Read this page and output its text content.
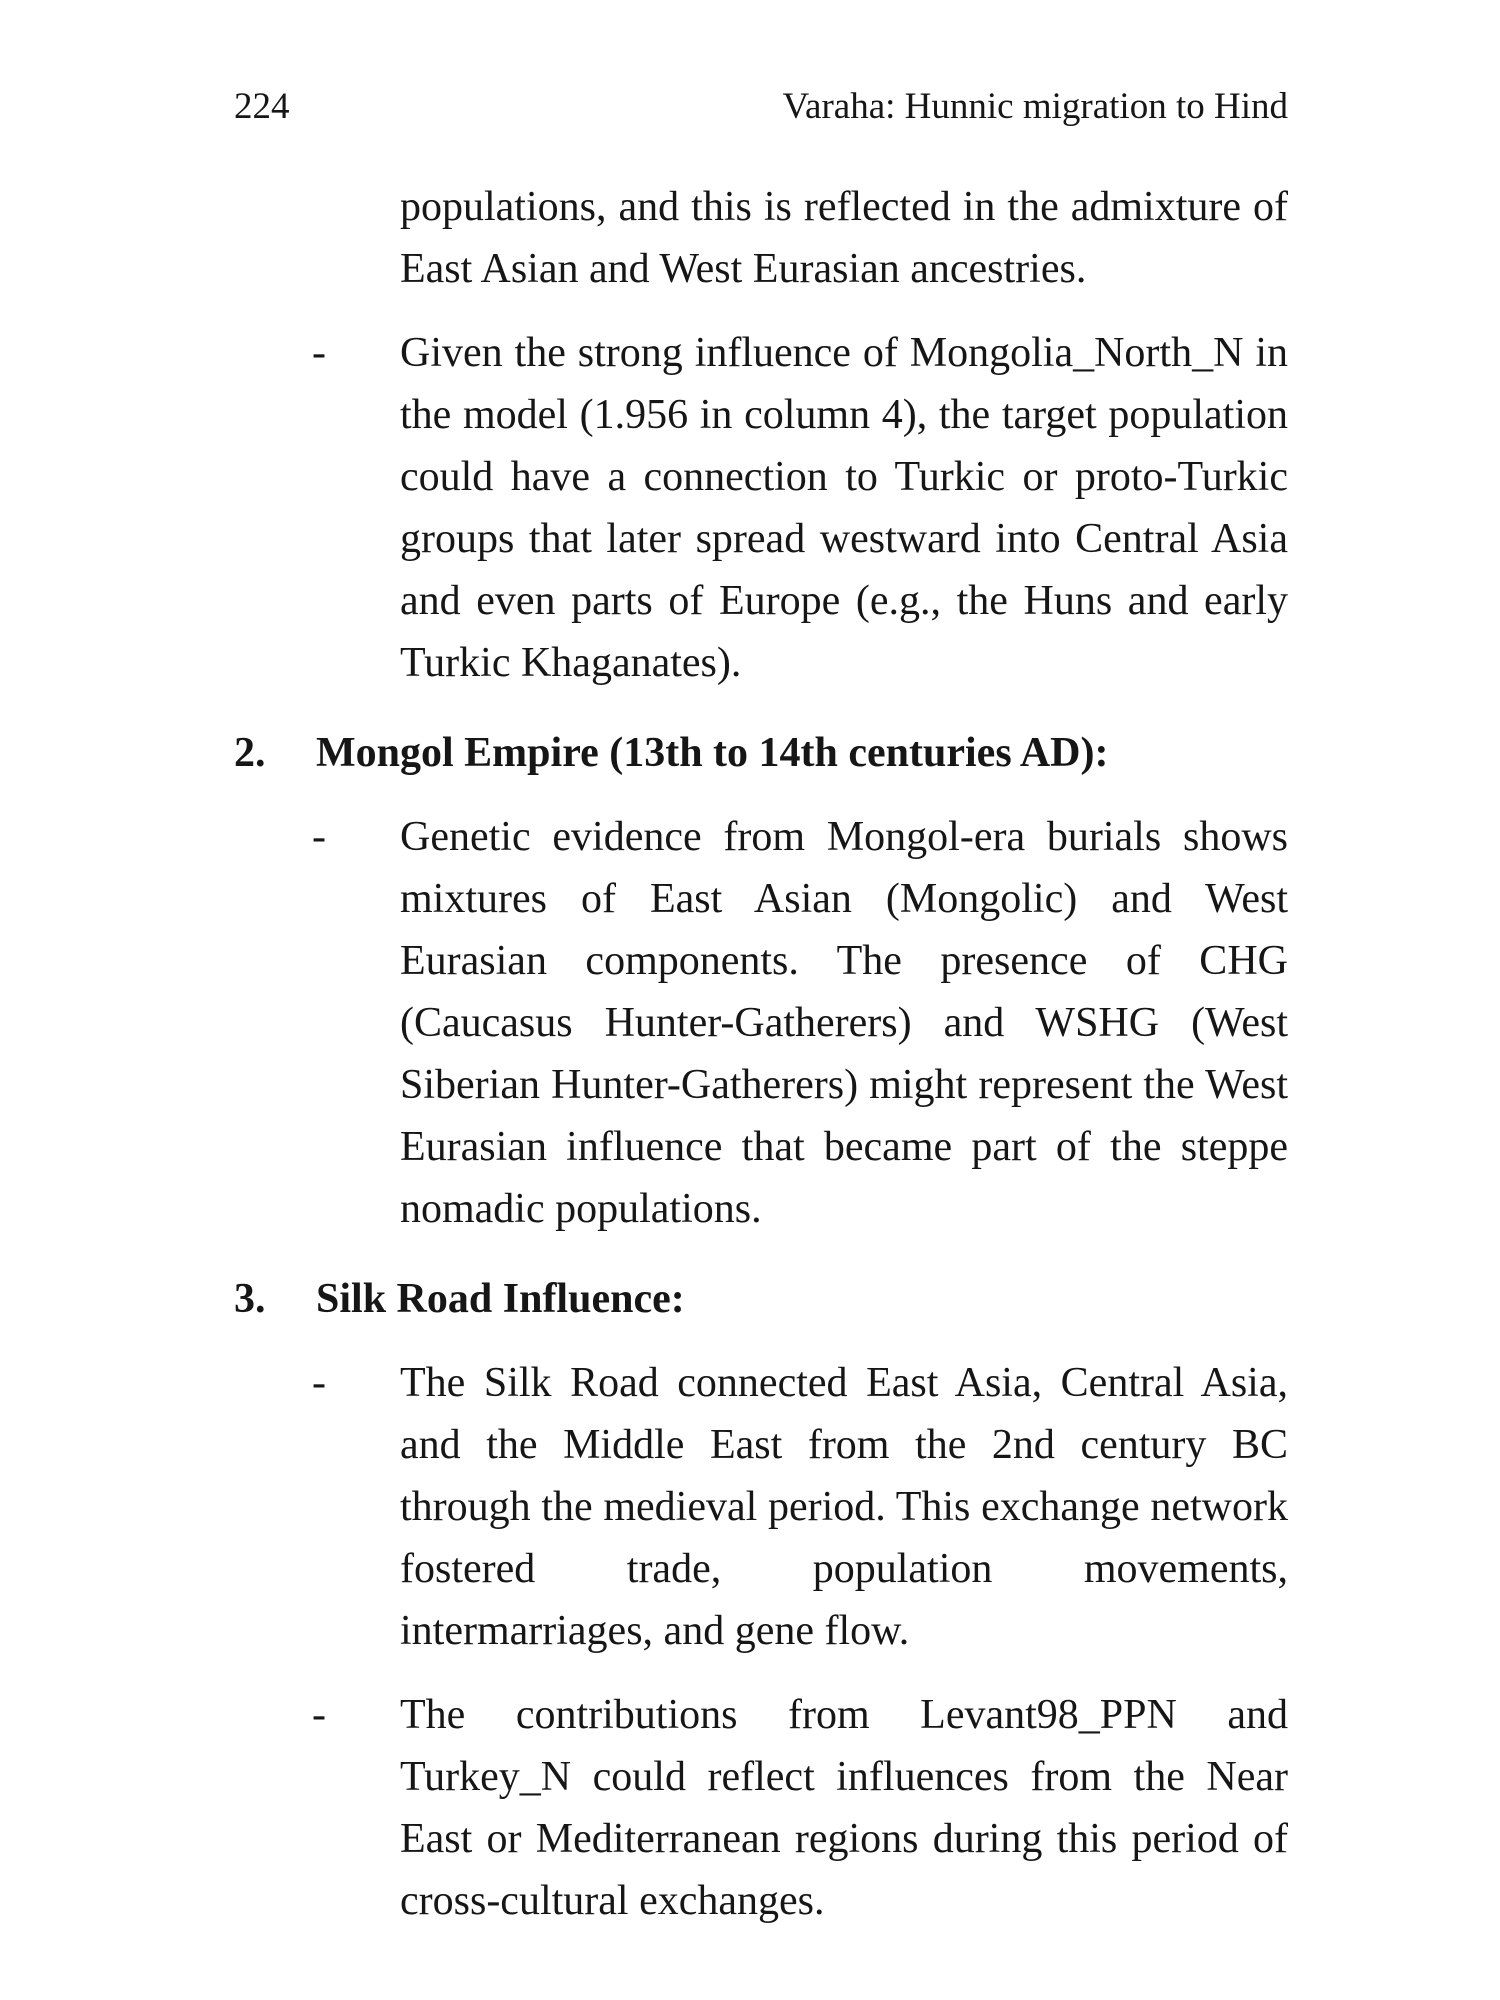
224	Varaha: Hunnic migration to Hind

populations, and this is reflected in the admixture of East Asian and West Eurasian ancestries.

- Given the strong influence of Mongolia_North_N in the model (1.956 in column 4), the target population could have a connection to Turkic or proto-Turkic groups that later spread westward into Central Asia and even parts of Europe (e.g., the Huns and early Turkic Khaganates).

2. Mongol Empire (13th to 14th centuries AD):
- Genetic evidence from Mongol-era burials shows mixtures of East Asian (Mongolic) and West Eurasian components. The presence of CHG (Caucasus Hunter-Gatherers) and WSHG (West Siberian Hunter-Gatherers) might represent the West Eurasian influence that became part of the steppe nomadic populations.

3. Silk Road Influence:
- The Silk Road connected East Asia, Central Asia, and the Middle East from the 2nd century BC through the medieval period. This exchange network fostered trade, population movements, intermarriages, and gene flow.

- The contributions from Levant98_PPN and Turkey_N could reflect influences from the Near East or Mediterranean regions during this period of cross-cultural exchanges.
